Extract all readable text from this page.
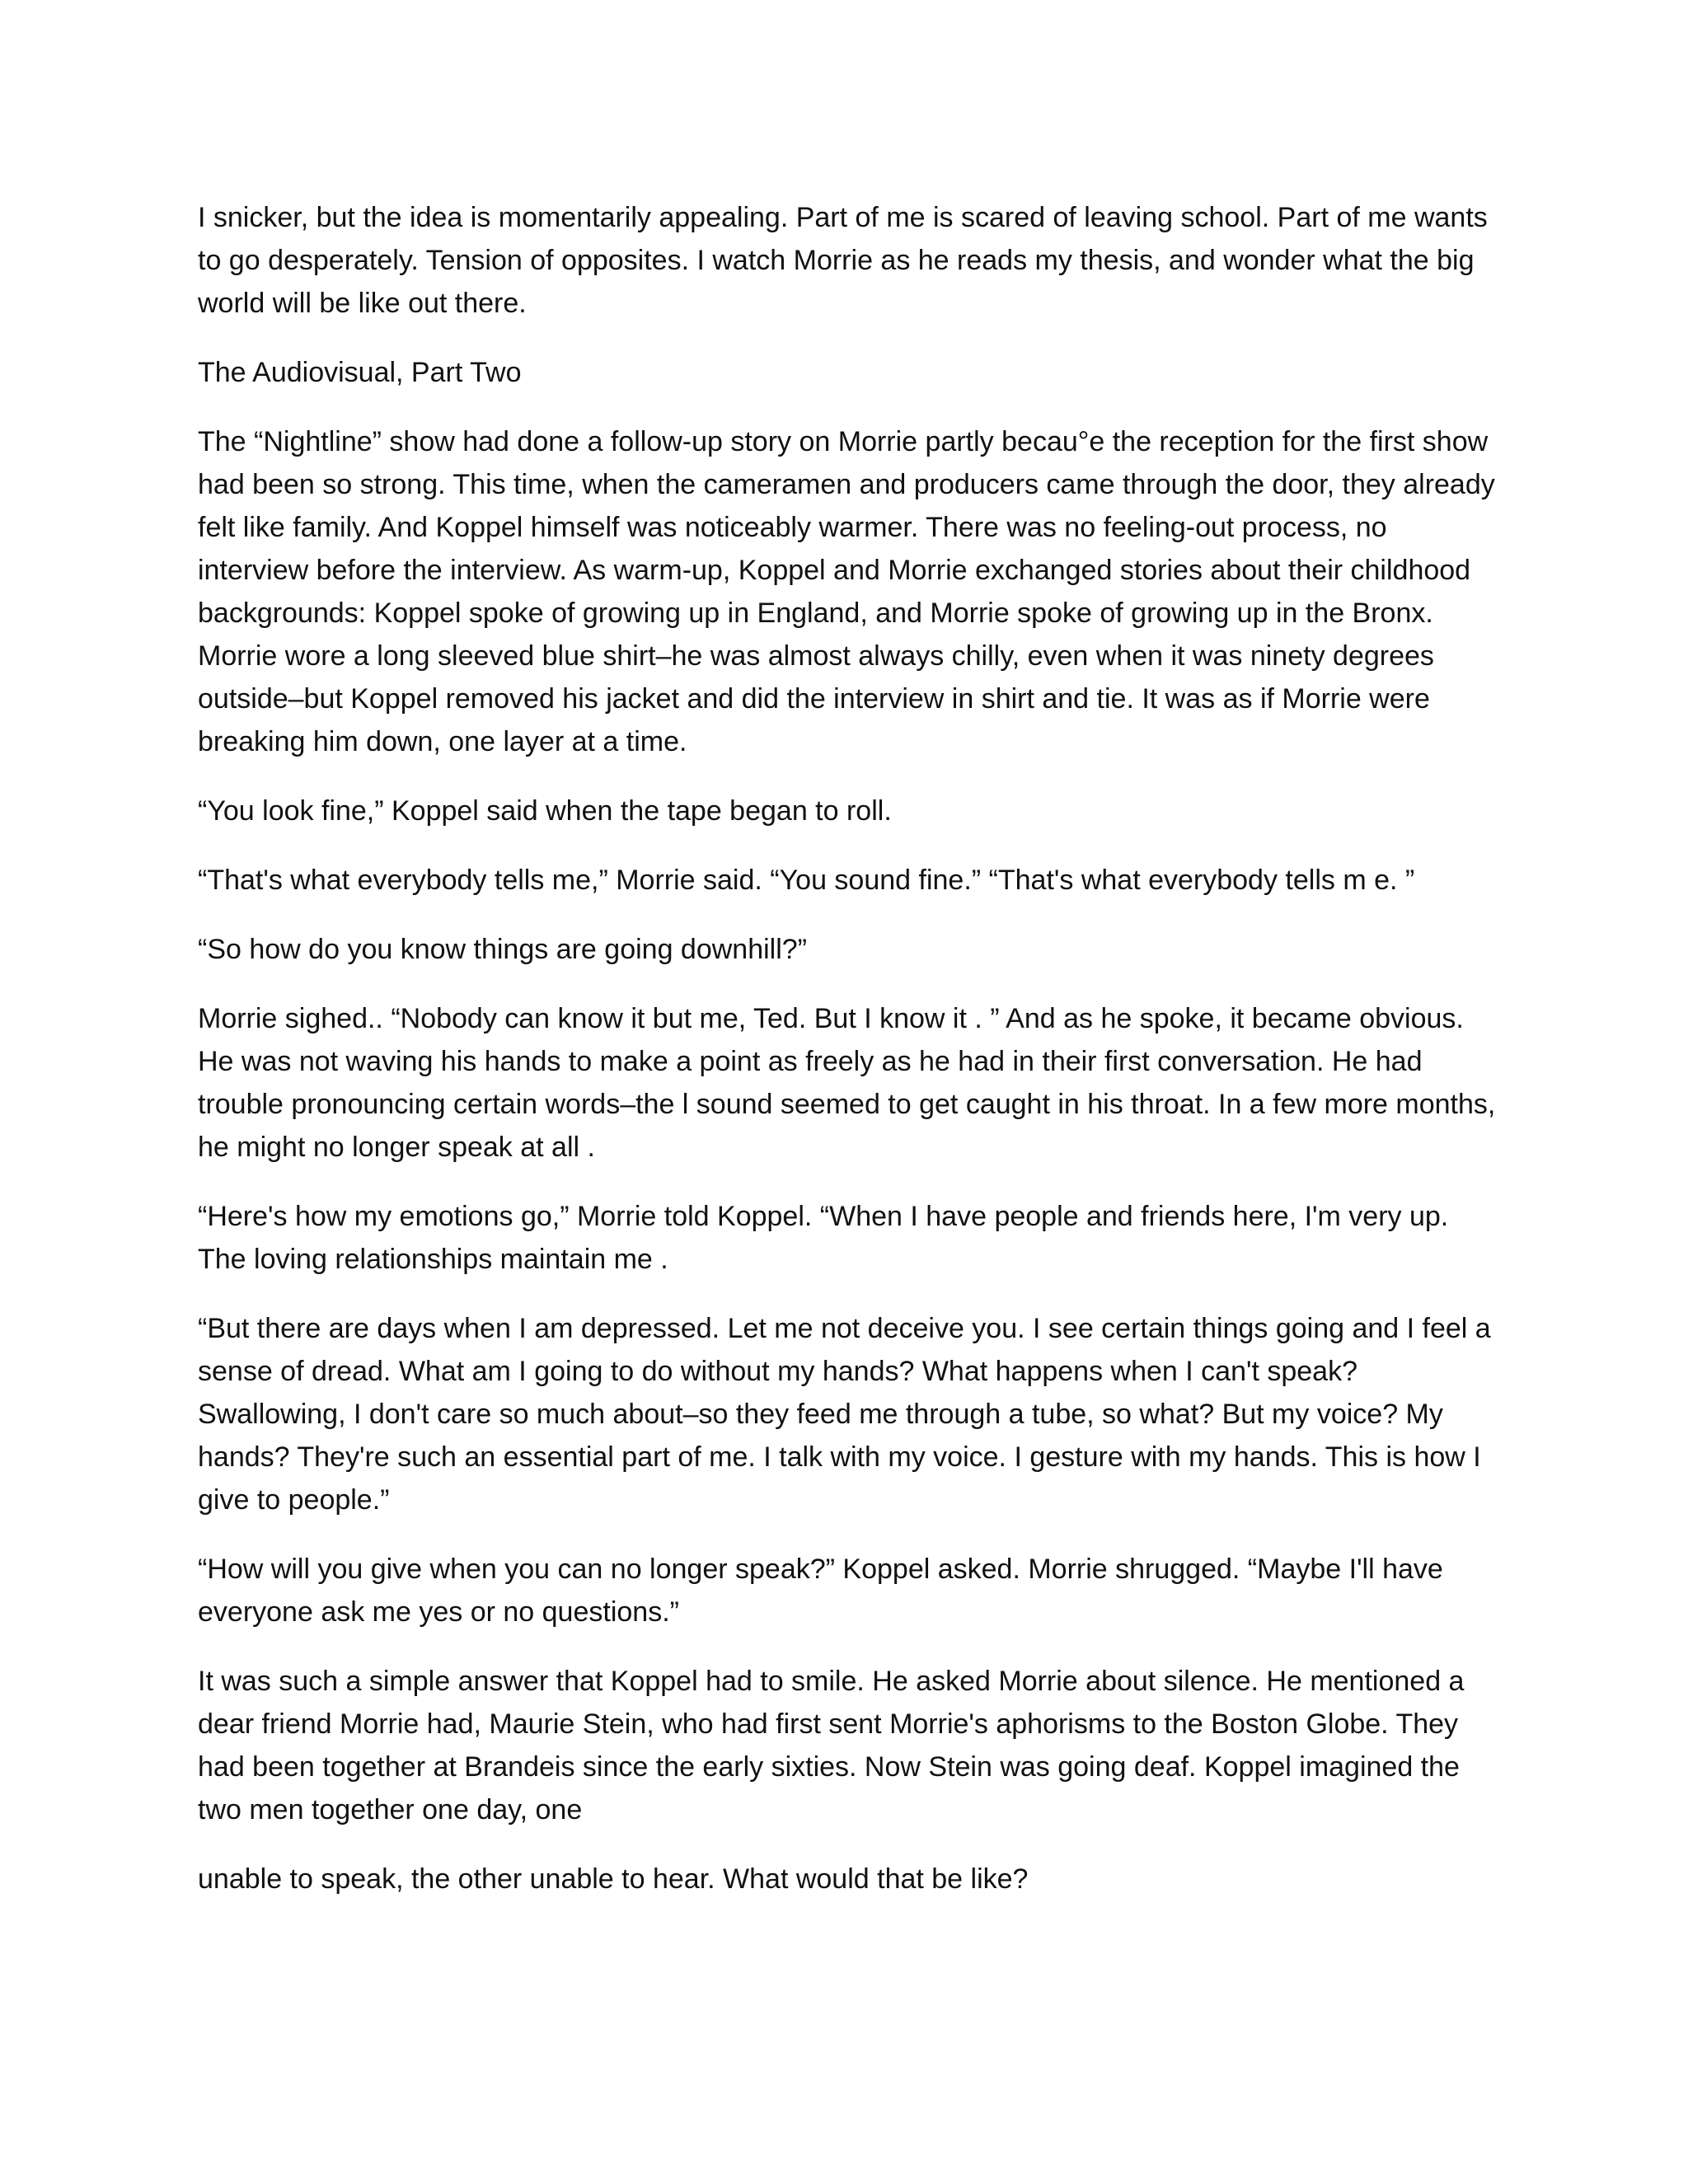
I snicker, but the idea is momentarily appealing. Part of me is scared of leaving school. Part of me wants to go desperately. Tension of opposites. I watch Morrie as he reads my thesis, and wonder what the big world will be like out there.

The Audiovisual, Part Two

The “Nightline” show had done a follow-up story on Morrie partly becau°e the reception for the first show had been so strong. This time, when the cameramen and producers came through the door, they already felt like family. And Koppel himself was noticeably warmer. There was no feeling-out process, no interview before the interview. As warm-up, Koppel and Morrie exchanged stories about their childhood backgrounds: Koppel spoke of growing up in England, and Morrie spoke of growing up in the Bronx. Morrie wore a long sleeved blue shirt–he was almost always chilly, even when it was ninety degrees outside–but Koppel removed his jacket and did the interview in shirt and tie. It was as if Morrie were breaking him down, one layer at a time.

“You look fine,” Koppel said when the tape began to roll.

“That's what everybody tells me,” Morrie said. “You sound fine.” “That's what everybody tells m e. ”

“So how do you know things are going downhill?”

Morrie sighed.. “Nobody can know it but me, Ted. But I know it . ” And as he spoke, it became obvious. He was not waving his hands to make a point as freely as he had in their first conversation. He had trouble pronouncing certain words–the l sound seemed to get caught in his throat. In a few more months, he might no longer speak at all .

“Here's how my emotions go,” Morrie told Koppel. “When I have people and friends here, I'm very up. The loving relationships maintain me .

“But there are days when I am depressed. Let me not deceive you. I see certain things going and I feel a sense of dread. What am I going to do without my hands? What happens when I can't speak? Swallowing, I don't care so much about–so they feed me through a tube, so what? But my voice? My hands? They're such an essential part of me. I talk with my voice. I gesture with my hands. This is how I give to people.”

“How will you give when you can no longer speak?” Koppel asked. Morrie shrugged. “Maybe I'll have everyone ask me yes or no questions.”

It was such a simple answer that Koppel had to smile. He asked Morrie about silence. He mentioned a dear friend Morrie had, Maurie Stein, who had first sent Morrie's aphorisms to the Boston Globe. They had been together at Brandeis since the early sixties. Now Stein was going deaf. Koppel imagined the two men together one day, one

unable to speak, the other unable to hear. What would that be like?
